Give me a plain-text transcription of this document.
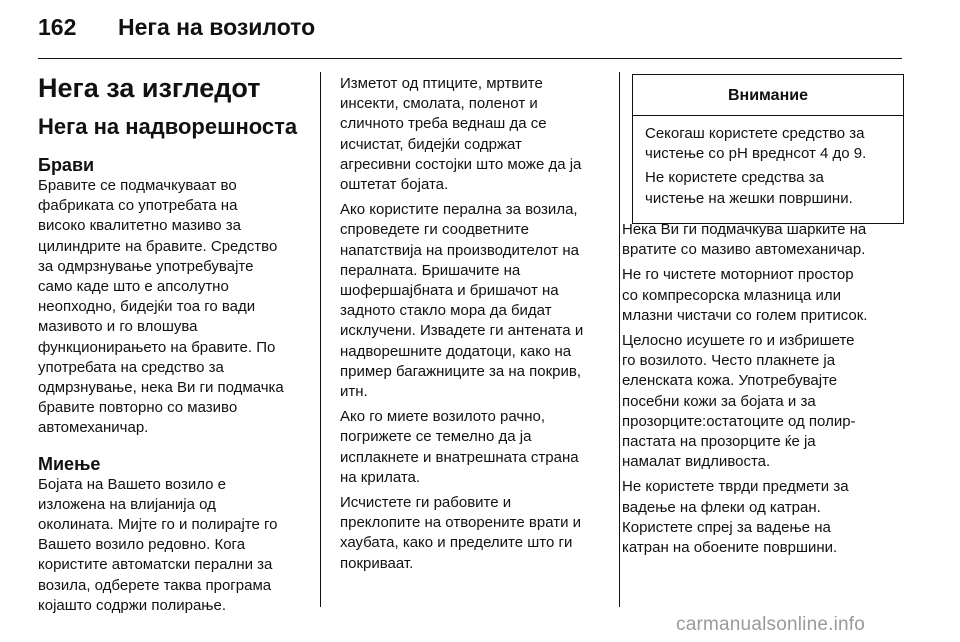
162	Нега на возилото
Нега за изгледот
Нега на надворешноста
Брави

Бравите се подмачкуваат во
фабриката со употребата на
високо квалитетно мазиво за
цилиндрите на бравите. Средство
за одмрзнување употребувајте
само каде што е апсолутно
неопходно, бидејќи тоа го вади
мазивото и го влошува
функционирањето на бравите. По
употребата на средство за
одмрзнување, нека Ви ги подмачка
бравите повторно со мазиво
автомеханичар.

Миење

Бојата на Вашето возило е
изложена на влијанија од
околината. Мијте го и полирајте го
Вашето возило редовно. Кога
користите автоматски перални за
возила, одберете таква програма
којашто содржи полирање.

Изметот од птиците, мртвите
инсекти, смолата, поленот и
сличното треба веднаш да се
исчистат, бидејќи содржат
агресивни состојки што може да ја
оштетат бојата.

Ако користите перална за возила,
спроведете ги соодветните
напатствија на производителот на
пералната. Бришачите на
шофершајбната и бришачот на
задното стакло мора да бидат
исклучени. Извадете ги антената и
надворешните додатоци, како на
пример багажниците за на покрив,
итн.

Ако го миете возилото рачно,
погрижете се темелно да ја
исплакнете и внатрешната страна
на крилата.

Исчистете ги рабовите и
преклопите на отворените врати и
хаубата, како и пределите што ги
покриваат.

Внимание

Секогаш користете средство за
чистење со pH вреднсот 4 до 9.

Не користете средства за
чистење на жешки површини.

Нека Ви ги подмачкува шарките на
вратите со мазиво автомеханичар.

Не го чистете моторниот простор
со компресорска млазница или
млазни чистачи со голем притисок.

Целосно исушете го и избришете
го возилото. Често плакнете ја
еленската кожа. Употребувајте
посебни кожи за бојата и за
прозорците:остатоците од полир-
пастата на прозорците ќе ја
намалат видливоста.

Не користете тврди предмети за
вадење на флеки од катран.
Користете спреј за вадење на
катран на обоените површини.

carmanualsonline.info
